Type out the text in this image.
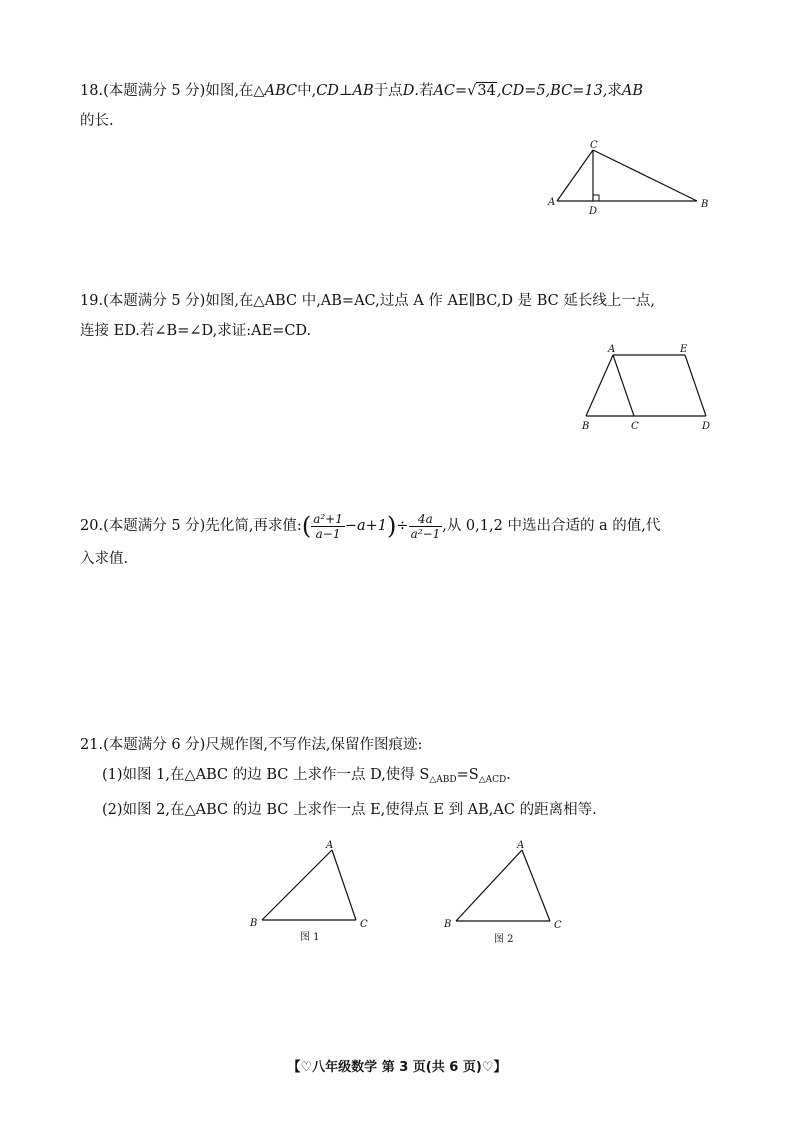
18.(本题满分 5 分)如图,在△ABC中,CD⊥AB于点D.若AC=√34,CD=5,BC=13,求AB
的长.
C
A
D
B
19.(本题满分 5 分)如图,在△ABC 中,AB=AC,过点 A 作 AE∥BC,D 是 BC 延长线上一点,
连接 ED.若∠B=∠D,求证:AE=CD.
A	E
B	C	D
20.(本题满分 5 分)先化简,再求值:( $\frac{\text{a²+1}}{a-1} -a+1)\div \frac{4a}{\text{a²−1}}$ ,从 0,1,2 中选出合适的 a 的值,代
入求值.
21.(本题满分 6 分)尺规作图,不写作法,保留作图痕迹:
(1)如图 1,在△ABC 的边 BC 上求作一点 D,使得 $S_{\triangle ABD}=S_{\triangle ACD}$.
(2)如图 2,在△ABC 的边 BC 上求作一点 E,使得点 E 到 AB,AC 的距离相等.
A
B	C
图 1
A
B	C
图 2
【♡八年级数学 第 3 页(共 6 页)♡】
